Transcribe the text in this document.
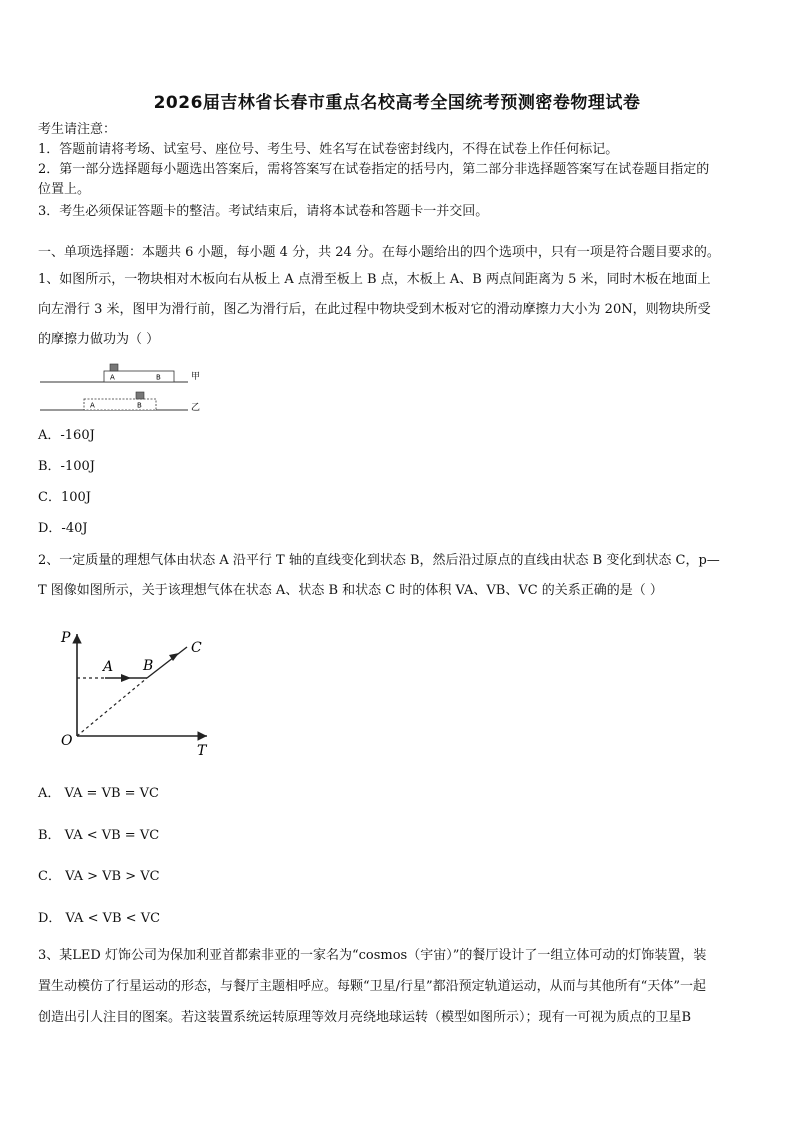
2026届吉林省长春市重点名校高考全国统考预测密卷物理试卷
考生请注意：
1．答题前请将考场、试室号、座位号、考生号、姓名写在试卷密封线内，不得在试卷上作任何标记。
2．第一部分选择题每小题选出答案后，需将答案写在试卷指定的括号内，第二部分非选择题答案写在试卷题目指定的
位置上。
3．考生必须保证答题卡的整洁。考试结束后，请将本试卷和答题卡一并交回。
一、单项选择题：本题共 6 小题，每小题 4 分，共 24 分。在每小题给出的四个选项中，只有一项是符合题目要求的。
1、如图所示，一物块相对木板向右从板上 A 点滑至板上 B 点，木板上 A、B 两点间距离为 5 米，同时木板在地面上
向左滑行 3 米，图甲为滑行前，图乙为滑行后，在此过程中物块受到木板对它的滑动摩擦力大小为 20N，则物块所受
的摩擦力做功为（ ）
A	B	甲
A	B	乙
A．-160J
B．-100J
C．100J
D．-40J
2、一定质量的理想气体由状态 A 沿平行 T 轴的直线变化到状态 B，然后沿过原点的直线由状态 B 变化到状态 C，p—
T 图像如图所示，关于该理想气体在状态 A、状态 B 和状态 C 时的体积 VA、VB、VC 的关系正确的是（ ）
P
T
O
A B
C
A． VA = VB = VC
B． VA < VB = VC
C． VA > VB > VC
D． VA < VB < VC
3、某LED 灯饰公司为保加利亚首都索非亚的一家名为“cosmos（宇宙）”的餐厅设计了一组立体可动的灯饰装置，装
置生动模仿了行星运动的形态，与餐厅主题相呼应。每颗“卫星/行星”都沿预定轨道运动，从而与其他所有“天体”一起
创造出引人注目的图案。若这装置系统运转原理等效月亮绕地球运转（模型如图所示）；现有一可视为质点的卫星B
